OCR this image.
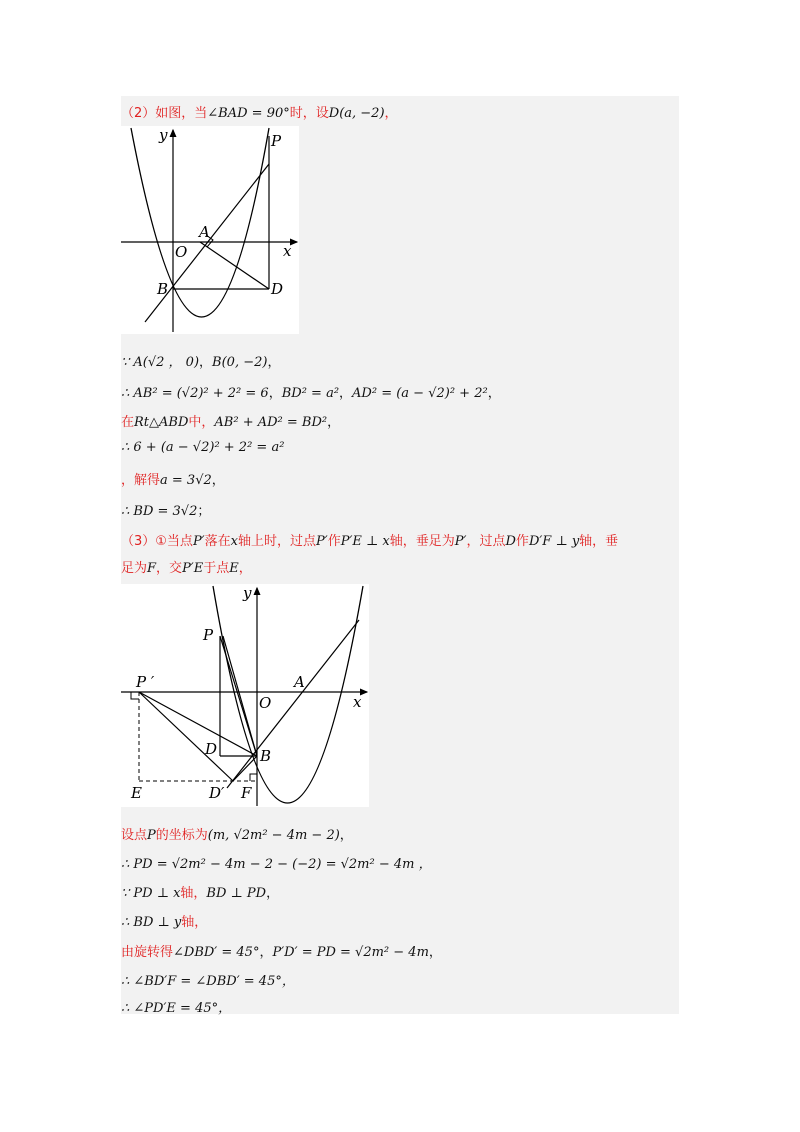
（2）如图，当∠BAD = 90°时，设D(a, −2)，
y
x
O
A
B	D
P
∵ A(√2 ， 0)，B(0, −2)，
∴ AB² = (√2)² + 2² = 6，BD² = a²，AD² = (a − √2)² + 2²，
在Rt△ABD中，AB² + AD² = BD²，
∴ 6 + (a − √2)² + 2² = a²
，解得a = 3√2，
∴ BD = 3√2；
（3）①当点P′落在x轴上时，过点P′作P′E ⊥ x轴，垂足为P′，过点D作D′F ⊥ y轴，垂
足为F，交P′E于点E，
y
x
O
A
B
P
P ′
D
D′
E	F
设点P的坐标为(m, √2m² − 4m − 2)，
∴ PD = √2m² − 4m − 2 − (−2) = √2m² − 4m ，
∵ PD ⊥ x轴，BD ⊥ PD，
∴ BD ⊥ y轴，
由旋转得∠DBD′ = 45°，P′D′ = PD = √2m² − 4m，
∴ ∠BD′F = ∠DBD′ = 45°，
∴ ∠PD′E = 45°，
